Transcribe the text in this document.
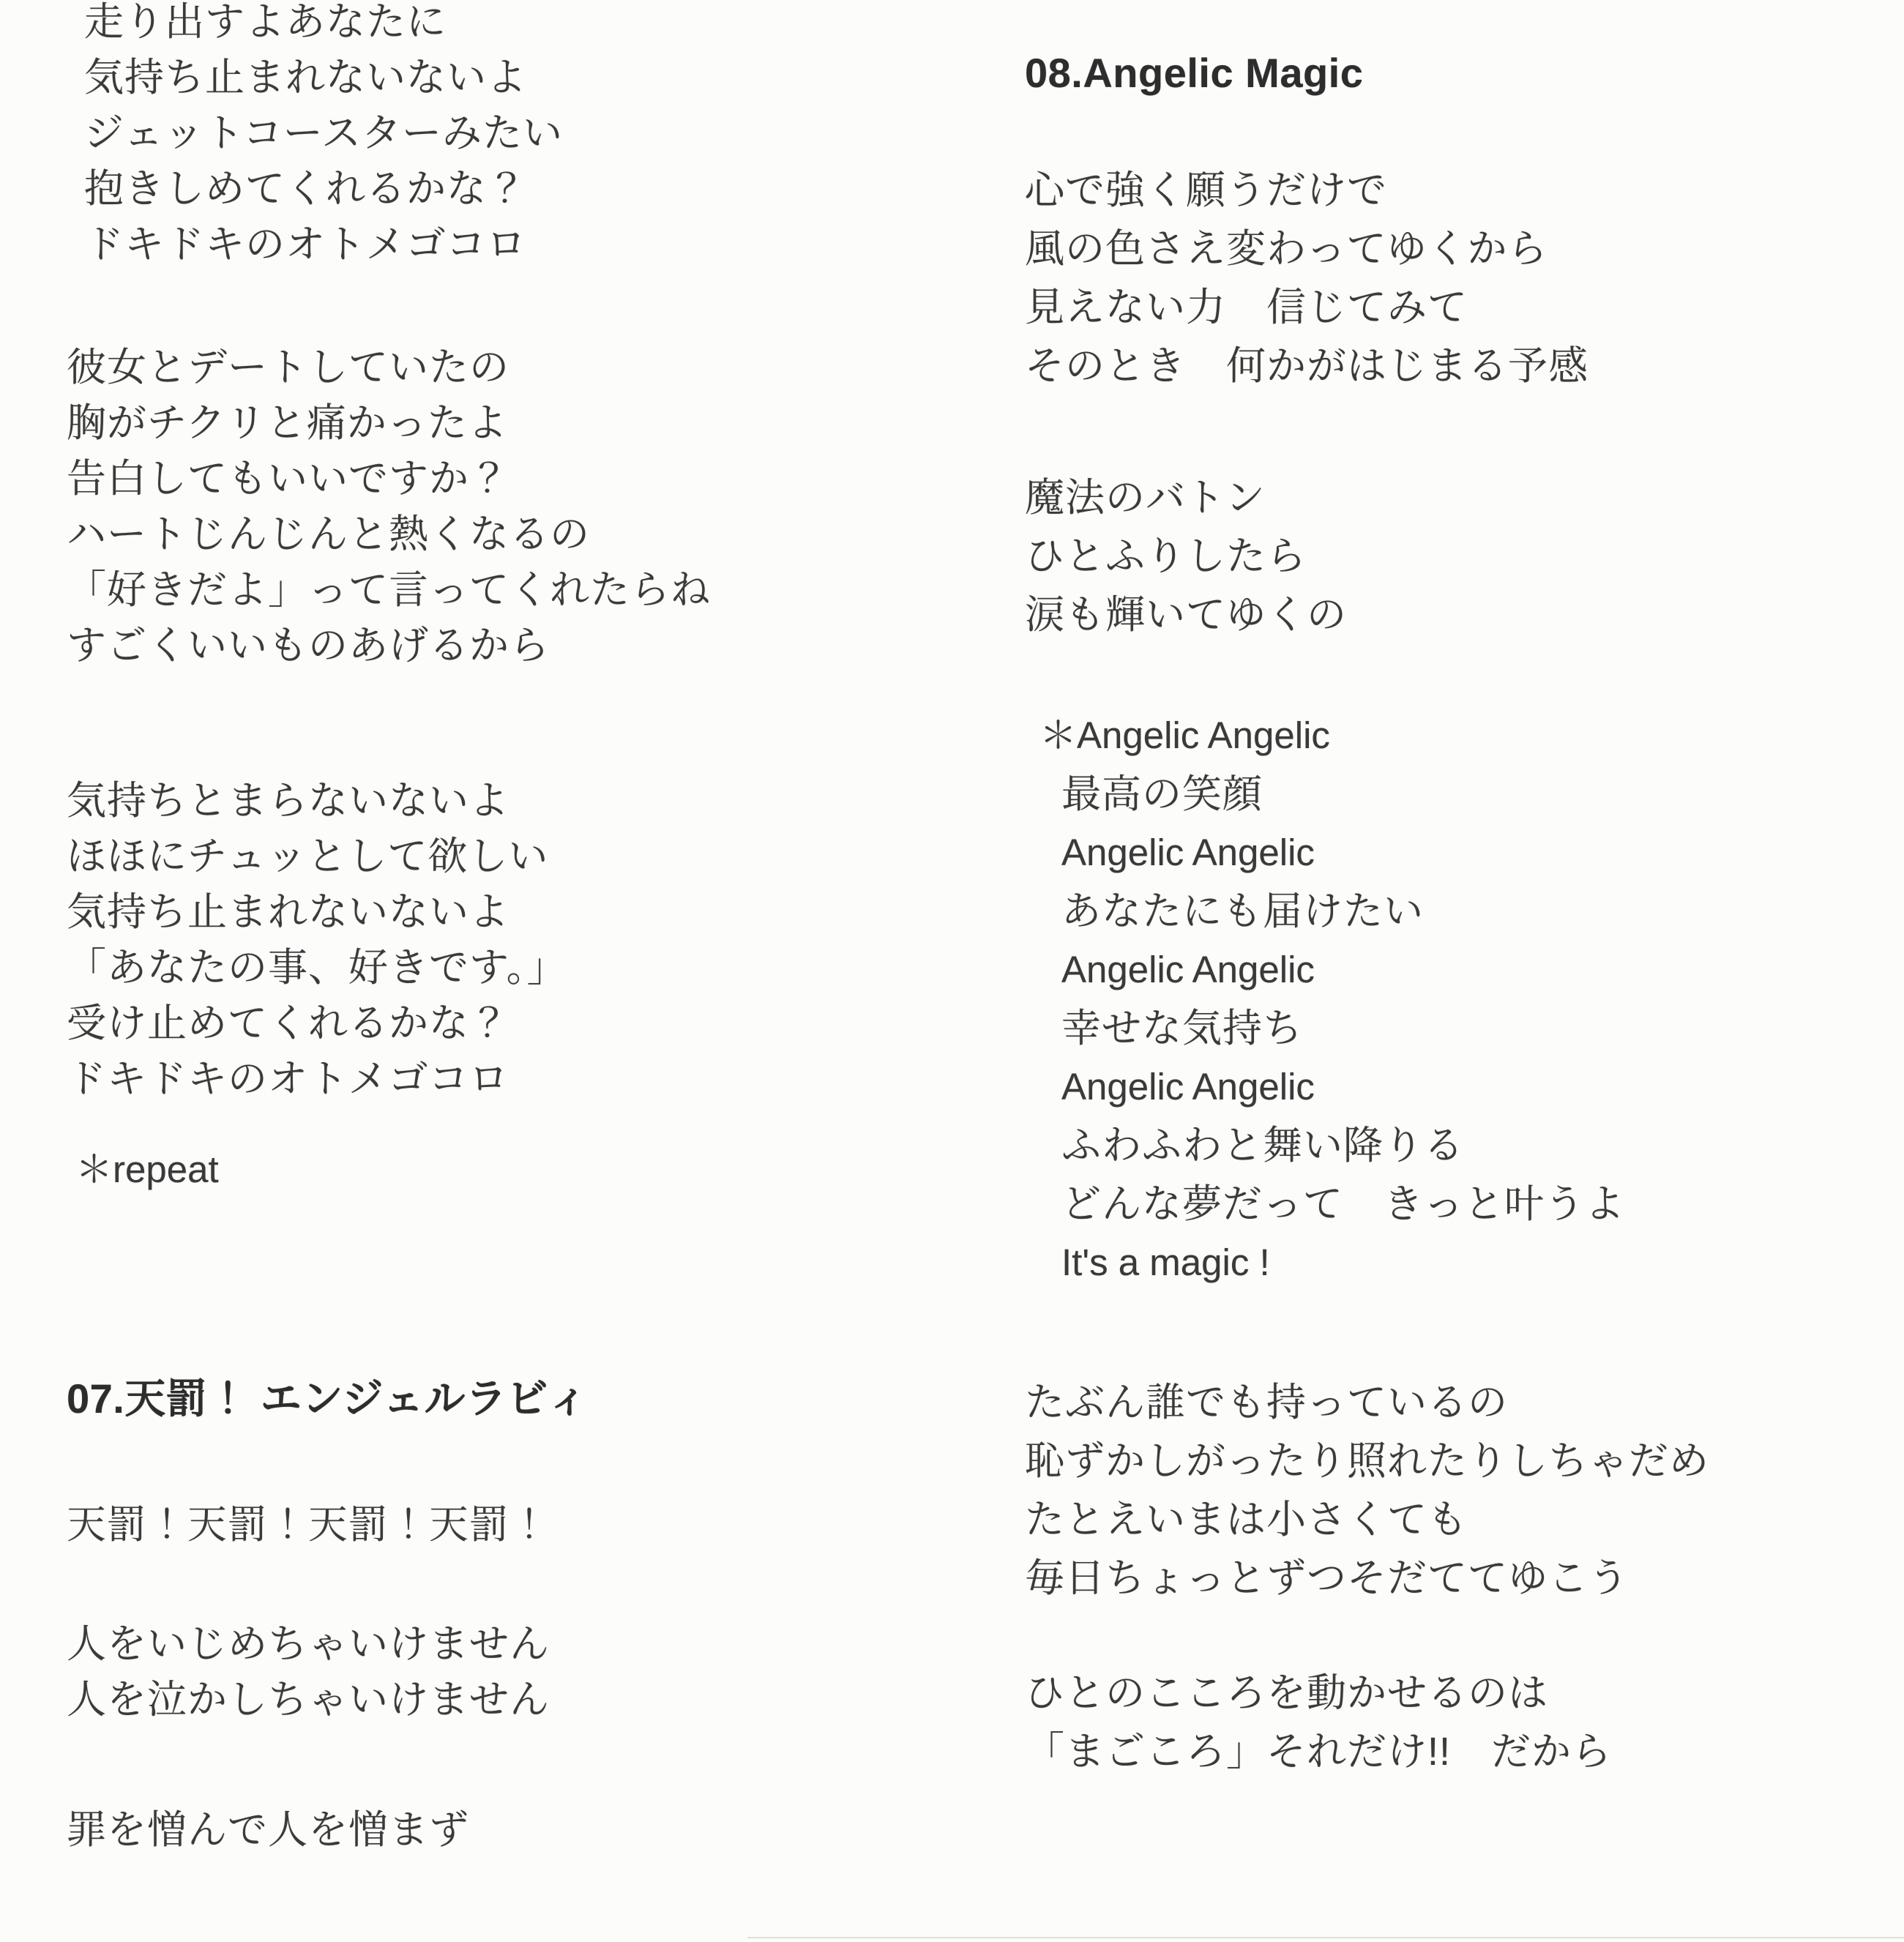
走り出すよあなたに
気持ち止まれないないよ
ジェットコースターみたい
抱きしめてくれるかな？
ドキドキのオトメゴコロ
彼女とデートしていたの
胸がチクリと痛かったよ
告白してもいいですか？
ハートじんじんと熱くなるの
「好きだよ」って言ってくれたらね
すごくいいものあげるから
気持ちとまらないないよ
ほほにチュッとして欲しい
気持ち止まれないないよ
「あなたの事、好きです。」
受け止めてくれるかな？
ドキドキのオトメゴコロ
＊repeat
07.天罰！ エンジェルラビィ
天罰！天罰！天罰！天罰！
人をいじめちゃいけません
人を泣かしちゃいけません
罪を憎んで人を憎まず
08.Angelic Magic
心で強く願うだけで
風の色さえ変わってゆくから
見えない力　信じてみて
そのとき　何かがはじまる予感
魔法のバトン
ひとふりしたら
涙も輝いてゆくの
＊Angelic Angelic
最高の笑顔
Angelic Angelic
あなたにも届けたい
Angelic Angelic
幸せな気持ち
Angelic Angelic
ふわふわと舞い降りる
どんな夢だって　きっと叶うよ
It's a magic !
たぶん誰でも持っているの
恥ずかしがったり照れたりしちゃだめ
たとえいまは小さくても
毎日ちょっとずつそだててゆこう
ひとのこころを動かせるのは
「まごころ」それだけ!!　だから
